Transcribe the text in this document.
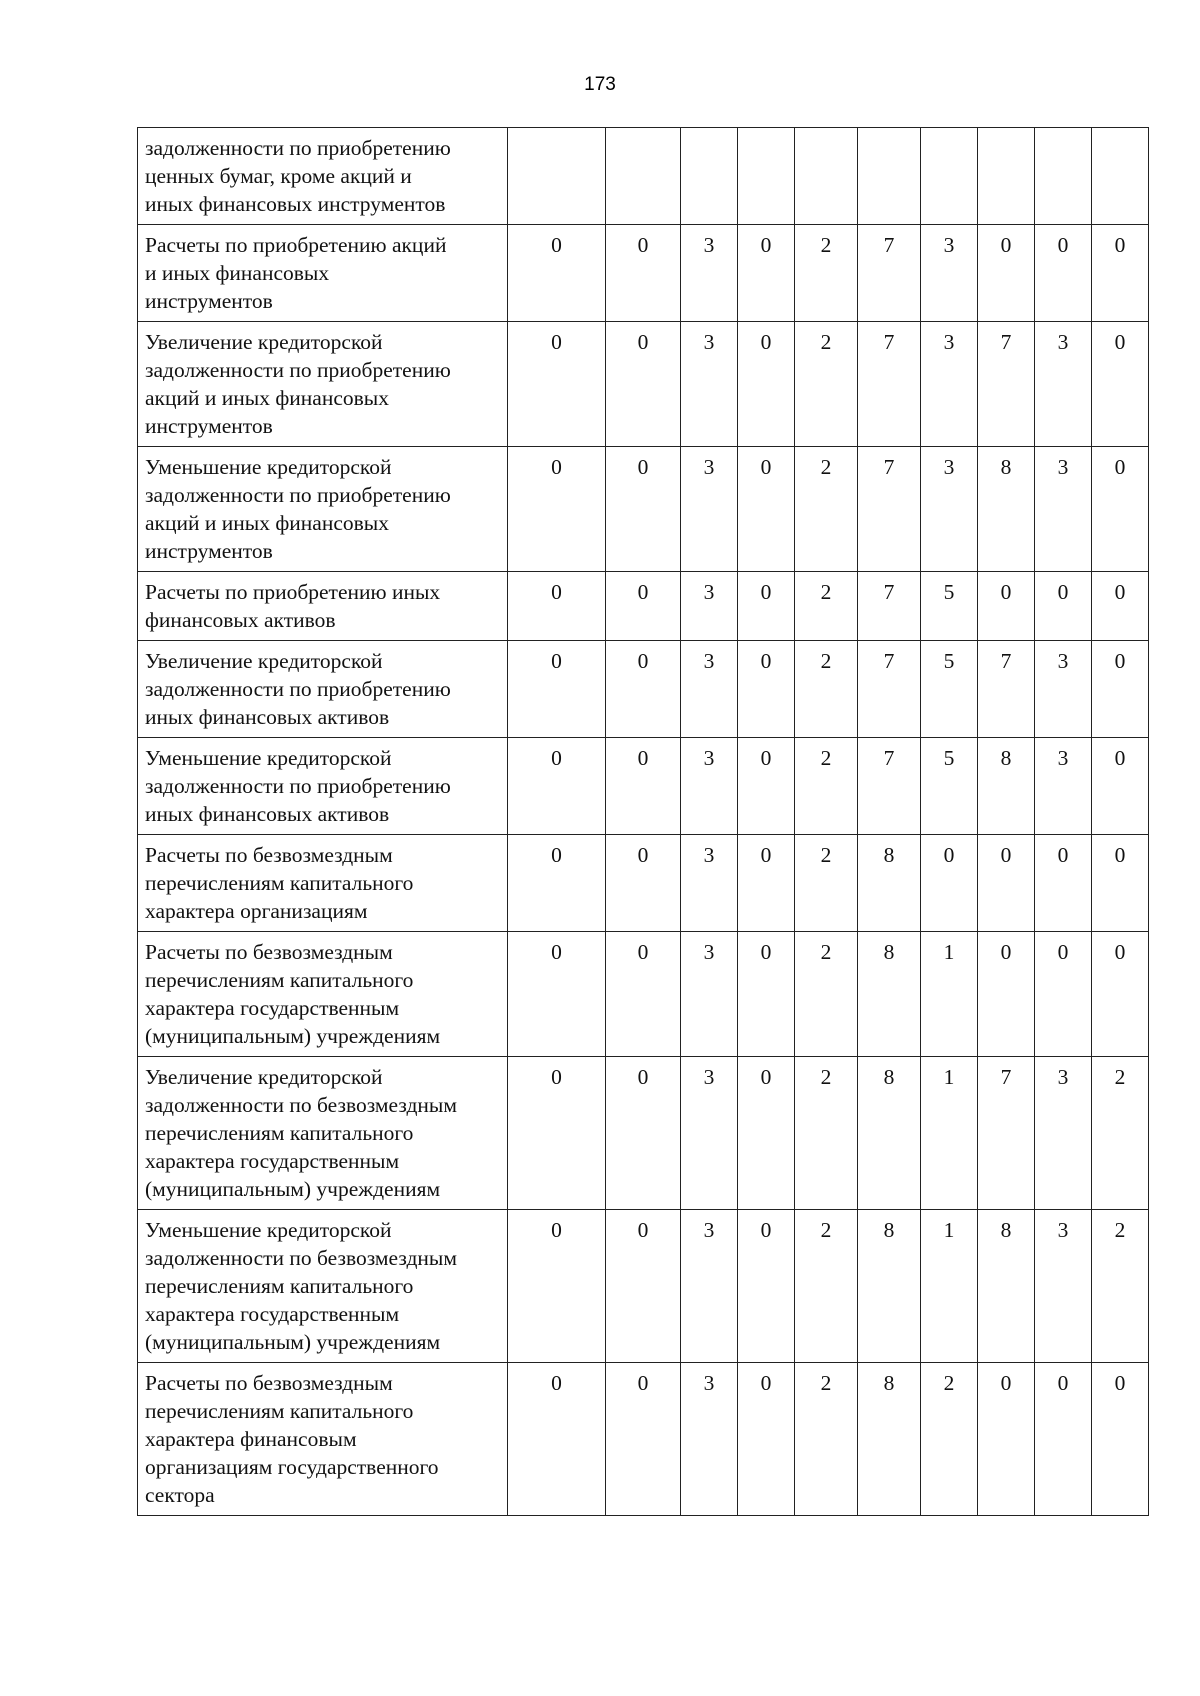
173
задолженности по приобретению
ценных бумаг, кроме акций и
иных финансовых инструментов										

Расчеты по приобретению акций
и иных финансовых
инструментов	0	0	3	0	2	7	3	0	0	0

Увеличение кредиторской
задолженности по приобретению
акций и иных финансовых
инструментов	0	0	3	0	2	7	3	7	3	0

Уменьшение кредиторской
задолженности по приобретению
акций и иных финансовых
инструментов	0	0	3	0	2	7	3	8	3	0

Расчеты по приобретению иных
финансовых активов	0	0	3	0	2	7	5	0	0	0

Увеличение кредиторской
задолженности по приобретению
иных финансовых активов	0	0	3	0	2	7	5	7	3	0

Уменьшение кредиторской
задолженности по приобретению
иных финансовых активов	0	0	3	0	2	7	5	8	3	0

Расчеты по безвозмездным
перечислениям капитального
характера организациям	0	0	3	0	2	8	0	0	0	0

Расчеты по безвозмездным
перечислениям капитального
характера государственным
(муниципальным) учреждениям	0	0	3	0	2	8	1	0	0	0

Увеличение кредиторской
задолженности по безвозмездным
перечислениям капитального
характера государственным
(муниципальным) учреждениям	0	0	3	0	2	8	1	7	3	2

Уменьшение кредиторской
задолженности по безвозмездным
перечислениям капитального
характера государственным
(муниципальным) учреждениям	0	0	3	0	2	8	1	8	3	2

Расчеты по безвозмездным
перечислениям капитального
характера финансовым
организациям государственного
сектора	0	0	3	0	2	8	2	0	0	0
